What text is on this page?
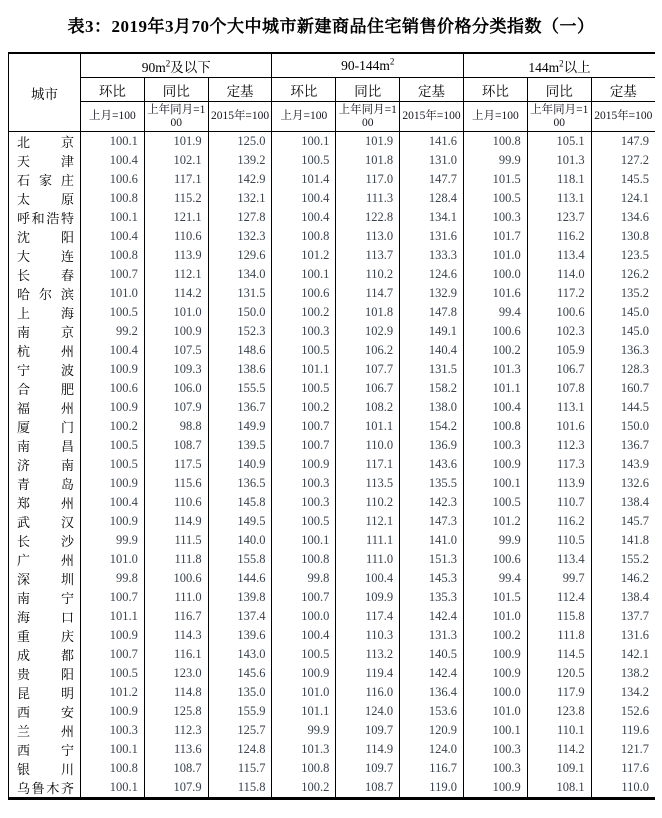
表3：2019年3月70个大中城市新建商品住宅销售价格分类指数（一）
城市	$90m^2$及以下			$90-144m^2$			$144m^2$以上		
	环比	同比	定基	环比	同比	定基	环比	同比	定基
	上月=100	上年同月=100	2015年=100	上月=100	上年同月=100	2015年=100	上月=100	上年同月=100	2015年=100
北京	100.1	101.9	125.0	100.1	101.9	141.6	100.8	105.1	147.9
天津	100.4	102.1	139.2	100.5	101.8	131.0	99.9	101.3	127.2
石家庄	100.6	117.1	142.9	101.4	117.0	147.7	101.5	118.1	145.5
太原	100.8	115.2	132.1	100.4	111.3	128.4	100.5	113.1	124.1
呼和浩特	100.1	121.1	127.8	100.4	122.8	134.1	100.3	123.7	134.6
沈阳	100.4	110.6	132.3	100.8	113.0	131.6	101.7	116.2	130.8
大连	100.8	113.9	129.6	101.2	113.7	133.3	101.0	113.4	123.5
长春	100.7	112.1	134.0	100.1	110.2	124.6	100.0	114.0	126.2
哈尔滨	101.0	114.2	131.5	100.6	114.7	132.9	101.6	117.2	135.2
上海	100.5	101.0	150.0	100.2	101.8	147.8	99.4	100.6	145.0
南京	99.2	100.9	152.3	100.3	102.9	149.1	100.6	102.3	145.0
杭州	100.4	107.5	148.6	100.5	106.2	140.4	100.2	105.9	136.3
宁波	100.9	109.3	138.6	101.1	107.7	131.5	101.3	106.7	128.3
合肥	100.6	106.0	155.5	100.5	106.7	158.2	101.1	107.8	160.7
福州	100.9	107.9	136.7	100.2	108.2	138.0	100.4	113.1	144.5
厦门	100.2	98.8	149.9	100.7	101.1	154.2	100.8	101.6	150.0
南昌	100.5	108.7	139.5	100.7	110.0	136.9	100.3	112.3	136.7
济南	100.5	117.5	140.9	100.9	117.1	143.6	100.9	117.3	143.9
青岛	100.9	115.6	136.5	100.3	113.5	135.5	100.1	113.9	132.6
郑州	100.4	110.6	145.8	100.3	110.2	142.3	100.5	110.7	138.4
武汉	100.9	114.9	149.5	100.5	112.1	147.3	101.2	116.2	145.7
长沙	99.9	111.5	140.0	100.1	111.1	141.0	99.9	110.5	141.8
广州	101.0	111.8	155.8	100.8	111.0	151.3	100.6	113.4	155.2
深圳	99.8	100.6	144.6	99.8	100.4	145.3	99.4	99.7	146.2
南宁	100.7	111.0	139.8	100.7	109.9	135.3	101.5	112.4	138.4
海口	101.1	116.7	137.4	100.0	117.4	142.4	101.0	115.8	137.7
重庆	100.9	114.3	139.6	100.4	110.3	131.3	100.2	111.8	131.6
成都	100.7	116.1	143.0	100.5	113.2	140.5	100.9	114.5	142.1
贵阳	100.5	123.0	145.6	100.9	119.4	142.4	100.9	120.5	138.2
昆明	101.2	114.8	135.0	101.0	116.0	136.4	100.0	117.9	134.2
西安	100.9	125.8	155.9	101.1	124.0	153.6	101.0	123.8	152.6
兰州	100.3	112.3	125.7	99.9	109.7	120.9	100.1	110.1	119.6
西宁	100.1	113.6	124.8	101.3	114.9	124.0	100.3	114.2	121.7
银川	100.8	108.7	115.7	100.8	109.7	116.7	100.3	109.1	117.6
乌鲁木齐	100.1	107.9	115.8	100.2	108.7	119.0	100.9	108.1	110.0
